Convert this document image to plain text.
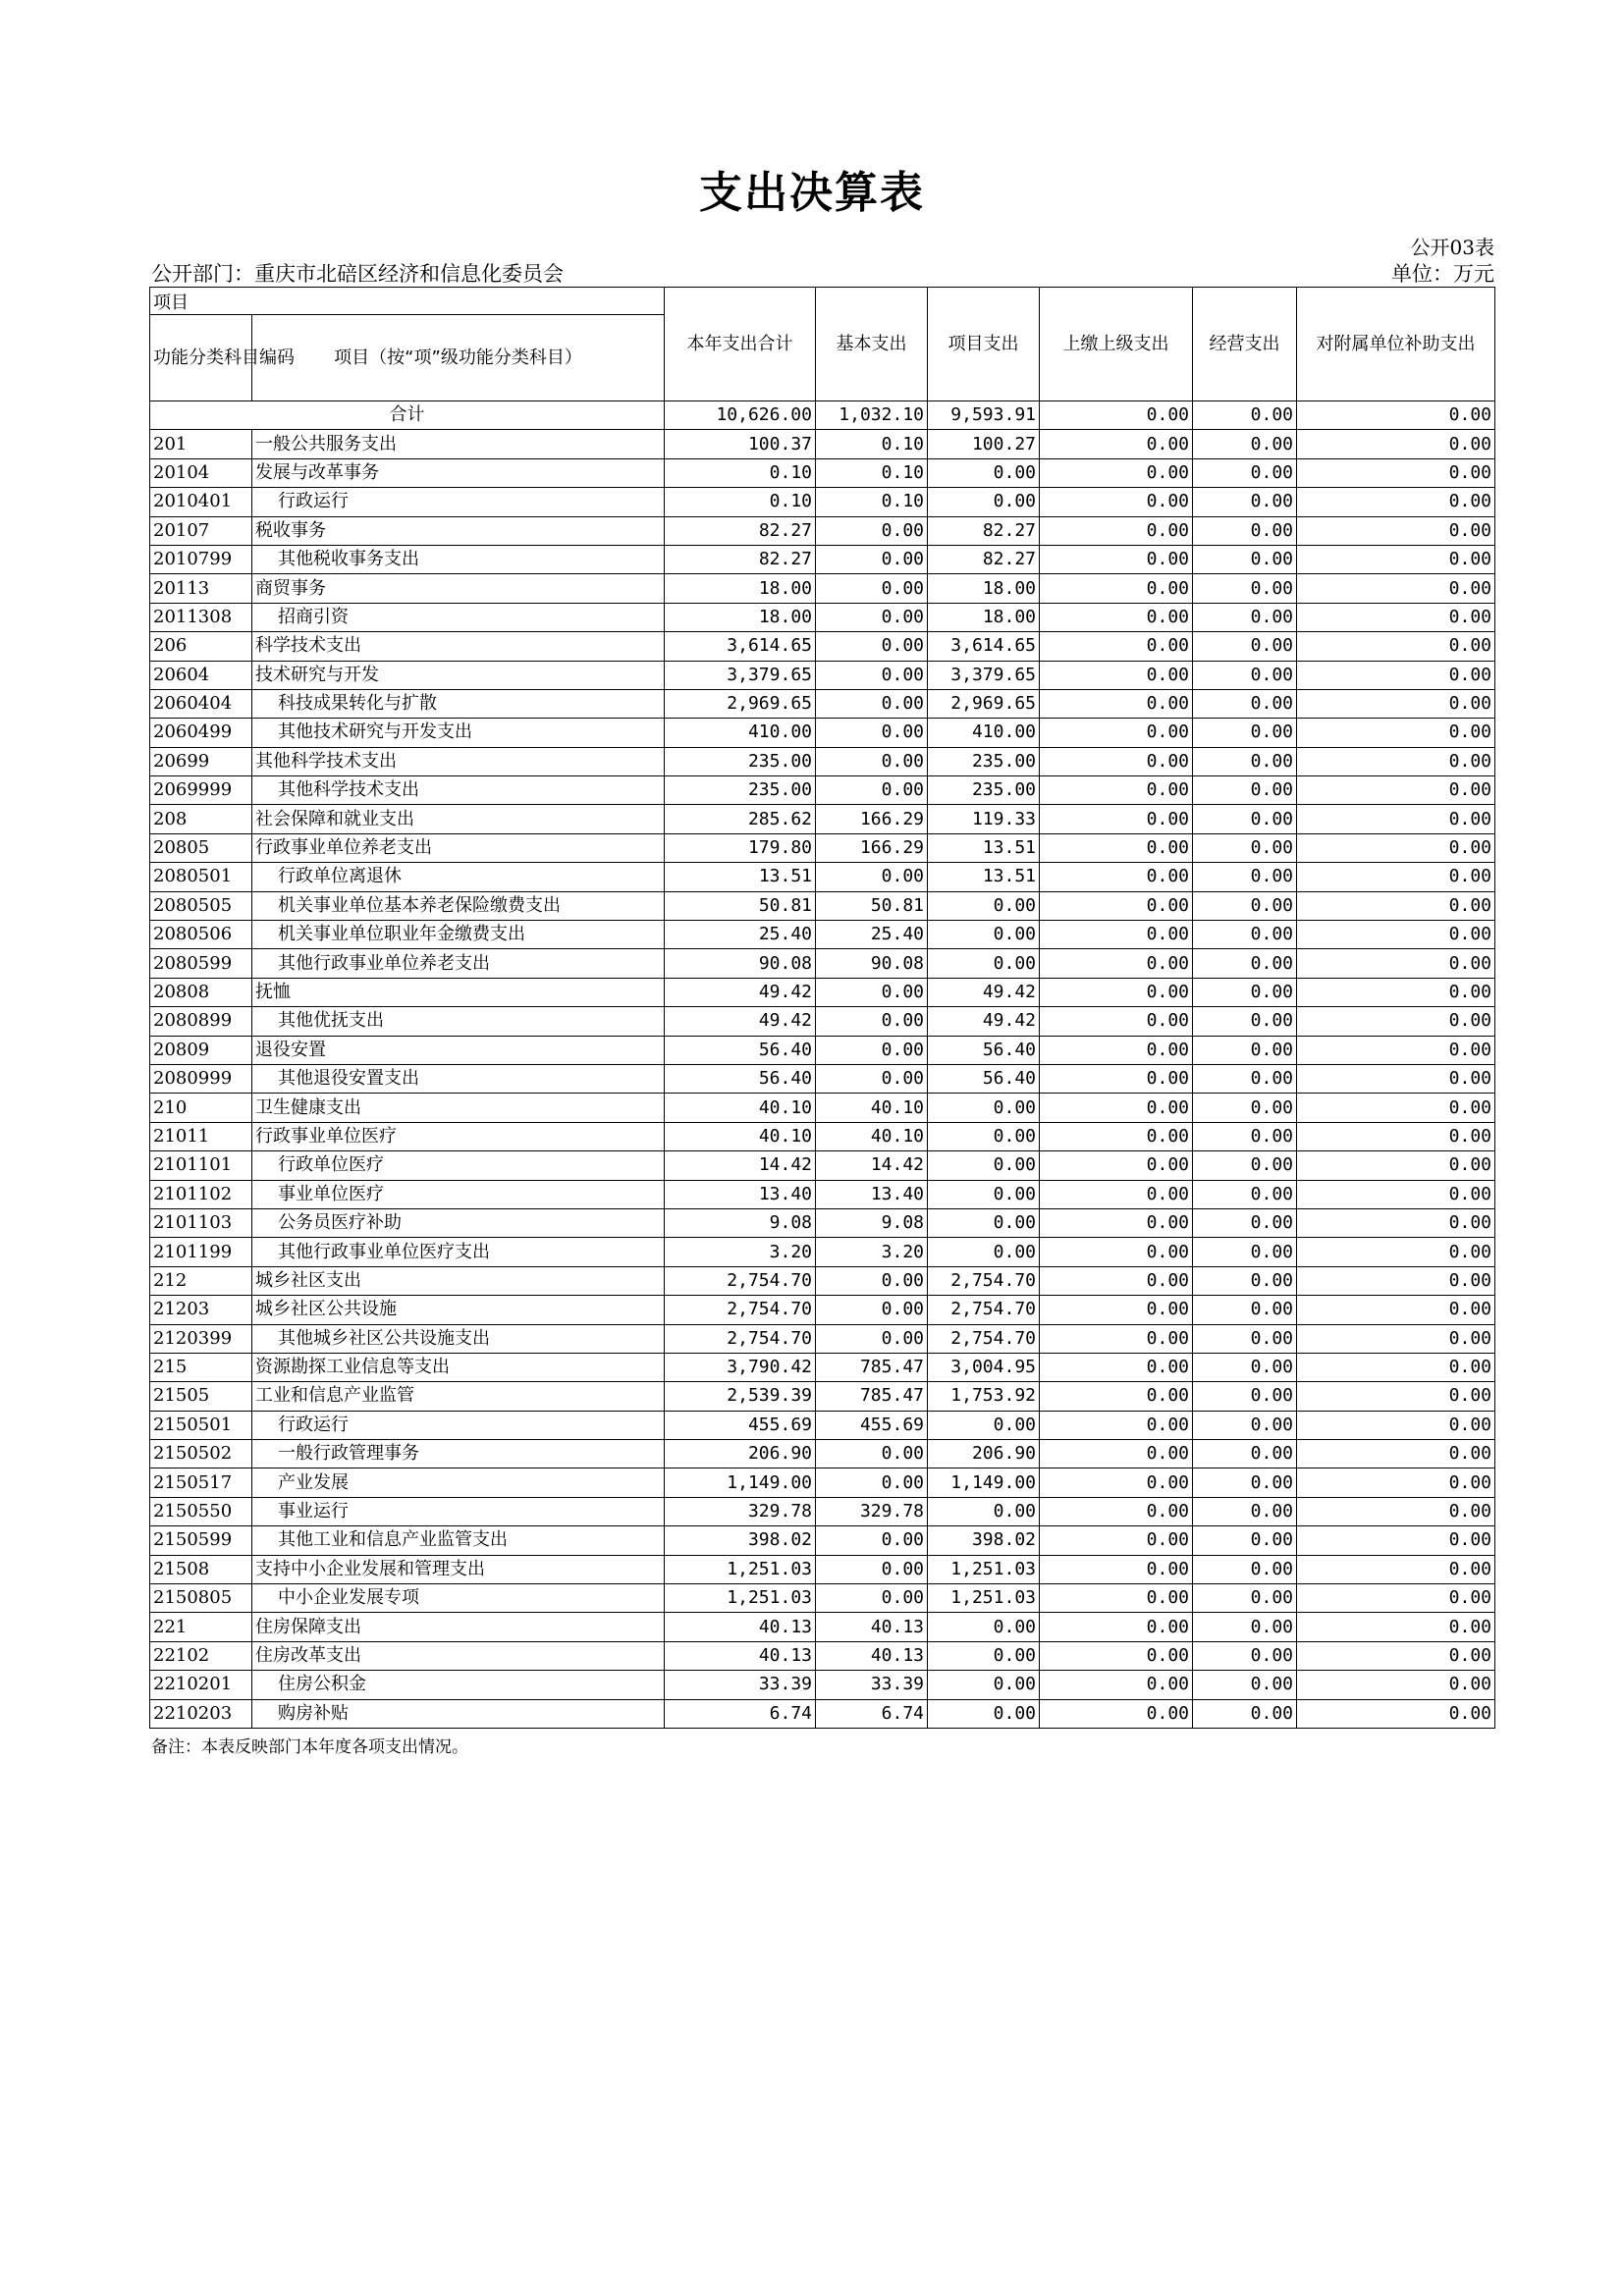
支出决算表
公开03表
公开部门：重庆市北碚区经济和信息化委员会	单位：万元
项目		本年支出合计	基本支出	项目支出	上缴上级支出	经营支出	对附属单位补助支出
功能分类科目编码	项目（按“项”级功能分类科目）						
合计		10,626.00	1,032.10	9,593.91	0.00	0.00	0.00
201	一般公共服务支出	100.37	0.10	100.27	0.00	0.00	0.00
20104	发展与改革事务	0.10	0.10	0.00	0.00	0.00	0.00
2010401	行政运行	0.10	0.10	0.00	0.00	0.00	0.00
20107	税收事务	82.27	0.00	82.27	0.00	0.00	0.00
2010799	其他税收事务支出	82.27	0.00	82.27	0.00	0.00	0.00
20113	商贸事务	18.00	0.00	18.00	0.00	0.00	0.00
2011308	招商引资	18.00	0.00	18.00	0.00	0.00	0.00
206	科学技术支出	3,614.65	0.00	3,614.65	0.00	0.00	0.00
20604	技术研究与开发	3,379.65	0.00	3,379.65	0.00	0.00	0.00
2060404	科技成果转化与扩散	2,969.65	0.00	2,969.65	0.00	0.00	0.00
2060499	其他技术研究与开发支出	410.00	0.00	410.00	0.00	0.00	0.00
20699	其他科学技术支出	235.00	0.00	235.00	0.00	0.00	0.00
2069999	其他科学技术支出	235.00	0.00	235.00	0.00	0.00	0.00
208	社会保障和就业支出	285.62	166.29	119.33	0.00	0.00	0.00
20805	行政事业单位养老支出	179.80	166.29	13.51	0.00	0.00	0.00
2080501	行政单位离退休	13.51	0.00	13.51	0.00	0.00	0.00
2080505	机关事业单位基本养老保险缴费支出	50.81	50.81	0.00	0.00	0.00	0.00
2080506	机关事业单位职业年金缴费支出	25.40	25.40	0.00	0.00	0.00	0.00
2080599	其他行政事业单位养老支出	90.08	90.08	0.00	0.00	0.00	0.00
20808	抚恤	49.42	0.00	49.42	0.00	0.00	0.00
2080899	其他优抚支出	49.42	0.00	49.42	0.00	0.00	0.00
20809	退役安置	56.40	0.00	56.40	0.00	0.00	0.00
2080999	其他退役安置支出	56.40	0.00	56.40	0.00	0.00	0.00
210	卫生健康支出	40.10	40.10	0.00	0.00	0.00	0.00
21011	行政事业单位医疗	40.10	40.10	0.00	0.00	0.00	0.00
2101101	行政单位医疗	14.42	14.42	0.00	0.00	0.00	0.00
2101102	事业单位医疗	13.40	13.40	0.00	0.00	0.00	0.00
2101103	公务员医疗补助	9.08	9.08	0.00	0.00	0.00	0.00
2101199	其他行政事业单位医疗支出	3.20	3.20	0.00	0.00	0.00	0.00
212	城乡社区支出	2,754.70	0.00	2,754.70	0.00	0.00	0.00
21203	城乡社区公共设施	2,754.70	0.00	2,754.70	0.00	0.00	0.00
2120399	其他城乡社区公共设施支出	2,754.70	0.00	2,754.70	0.00	0.00	0.00
215	资源勘探工业信息等支出	3,790.42	785.47	3,004.95	0.00	0.00	0.00
21505	工业和信息产业监管	2,539.39	785.47	1,753.92	0.00	0.00	0.00
2150501	行政运行	455.69	455.69	0.00	0.00	0.00	0.00
2150502	一般行政管理事务	206.90	0.00	206.90	0.00	0.00	0.00
2150517	产业发展	1,149.00	0.00	1,149.00	0.00	0.00	0.00
2150550	事业运行	329.78	329.78	0.00	0.00	0.00	0.00
2150599	其他工业和信息产业监管支出	398.02	0.00	398.02	0.00	0.00	0.00
21508	支持中小企业发展和管理支出	1,251.03	0.00	1,251.03	0.00	0.00	0.00
2150805	中小企业发展专项	1,251.03	0.00	1,251.03	0.00	0.00	0.00
221	住房保障支出	40.13	40.13	0.00	0.00	0.00	0.00
22102	住房改革支出	40.13	40.13	0.00	0.00	0.00	0.00
2210201	住房公积金	33.39	33.39	0.00	0.00	0.00	0.00
2210203	购房补贴	6.74	6.74	0.00	0.00	0.00	0.00
备注：本表反映部门本年度各项支出情况。
